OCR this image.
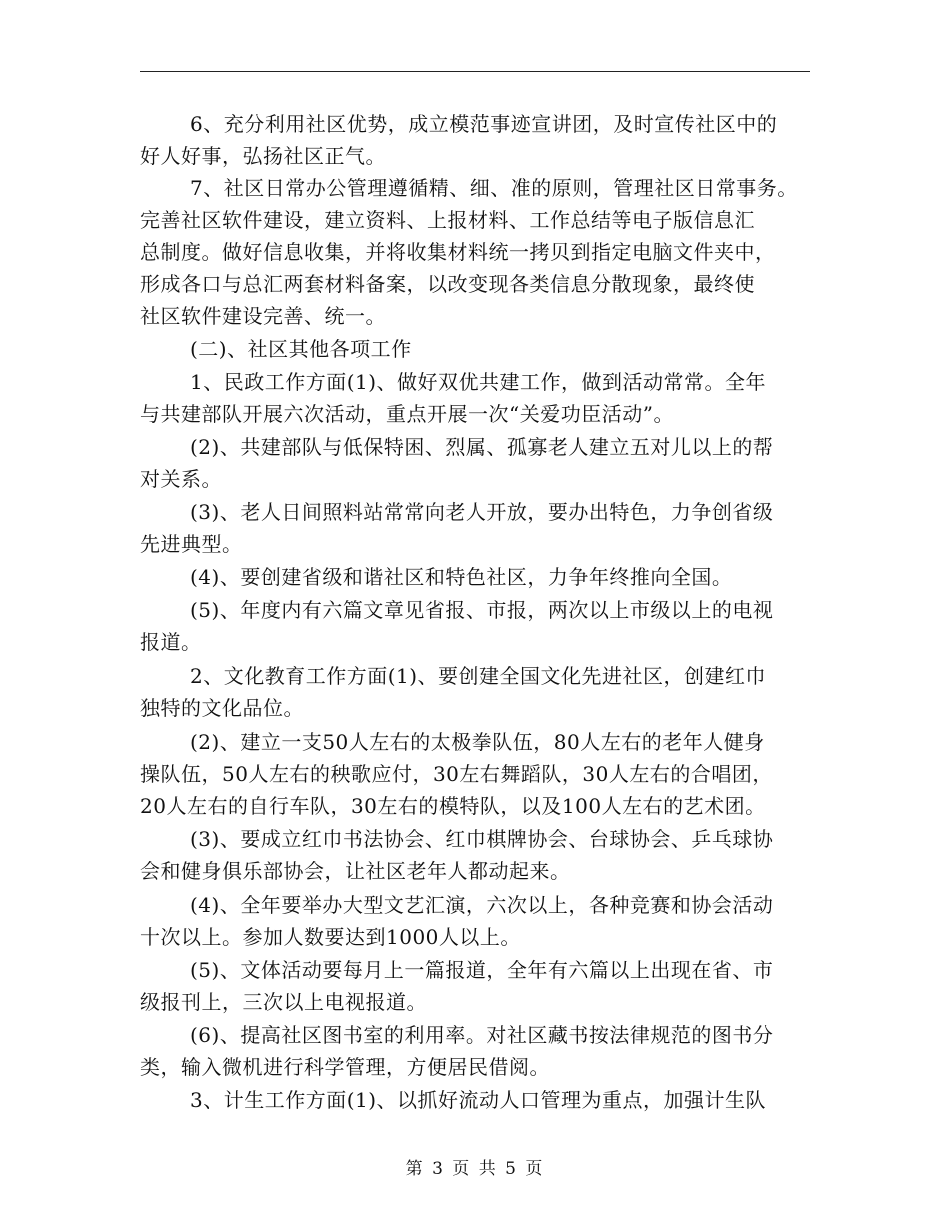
6、充分利用社区优势，成立模范事迹宣讲团，及时宣传社区中的
好人好事，弘扬社区正气。
7、社区日常办公管理遵循精、细、准的原则，管理社区日常事务。
完善社区软件建设，建立资料、上报材料、工作总结等电子版信息汇
总制度。做好信息收集，并将收集材料统一拷贝到指定电脑文件夹中，
形成各口与总汇两套材料备案，以改变现各类信息分散现象，最终使
社区软件建设完善、统一。
(二)、社区其他各项工作
1、民政工作方面(1)、做好双优共建工作，做到活动常常。全年
与共建部队开展六次活动，重点开展一次“关爱功臣活动”。
(2)、共建部队与低保特困、烈属、孤寡老人建立五对儿以上的帮
对关系。
(3)、老人日间照料站常常向老人开放，要办出特色，力争创省级
先进典型。
(4)、要创建省级和谐社区和特色社区，力争年终推向全国。
(5)、年度内有六篇文章见省报、市报，两次以上市级以上的电视
报道。
2、文化教育工作方面(1)、要创建全国文化先进社区，创建红巾
独特的文化品位。
(2)、建立一支50人左右的太极拳队伍，80人左右的老年人健身
操队伍，50人左右的秧歌应付，30左右舞蹈队，30人左右的合唱团，
20人左右的自行车队，30左右的模特队，以及100人左右的艺术团。
(3)、要成立红巾书法协会、红巾棋牌协会、台球协会、乒乓球协
会和健身俱乐部协会，让社区老年人都动起来。
(4)、全年要举办大型文艺汇演，六次以上，各种竞赛和协会活动
十次以上。参加人数要达到1000人以上。
(5)、文体活动要每月上一篇报道，全年有六篇以上出现在省、市
级报刊上，三次以上电视报道。
(6)、提高社区图书室的利用率。对社区藏书按法律规范的图书分
类，输入微机进行科学管理，方便居民借阅。
3、计生工作方面(1)、以抓好流动人口管理为重点，加强计生队
第 3 页 共 5 页
